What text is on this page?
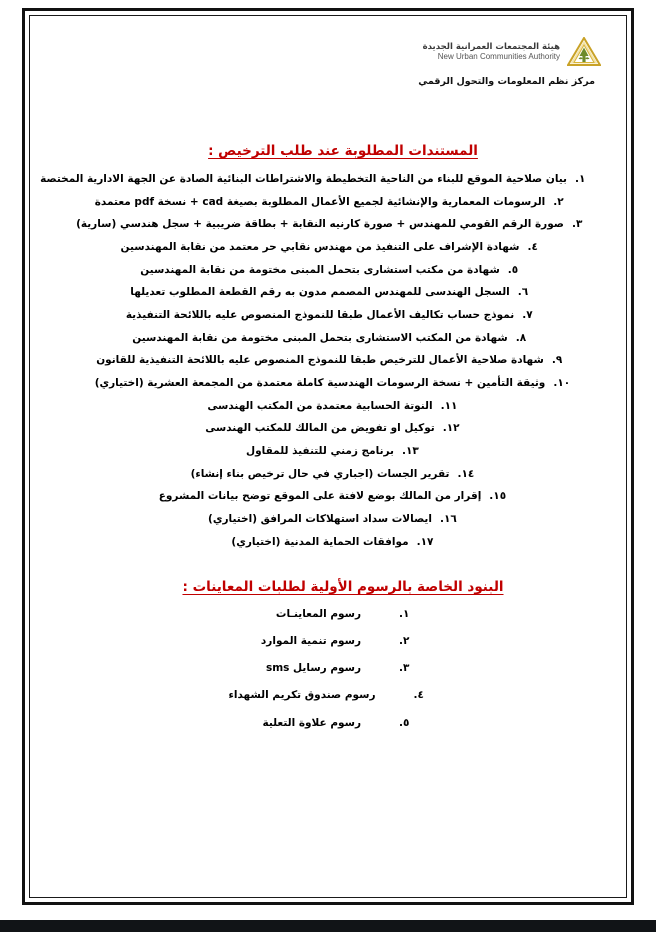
هيئة المجتمعات العمرانية الجديدة
New Urban Communities Authority
مركز نظم المعلومات والتحول الرقمي
المستندات المطلوبة عند طلب الترخيص :
١.
بيان صلاحية الموقع للبناء من الناحية التخطيطة والاشتراطات البنائية الصادة عن الجهة الادارية المختصة
٢.
الرسومات المعمارية والإنشائية لجميع الأعمال المطلوبة بصيغة cad + نسخة pdf معتمدة
٣.
صورة الرقم القومي للمهندس + صورة كارنيه النقابة + بطاقة ضريبية + سجل هندسي (سارية)
٤.
شهادة الإشراف على التنفيذ من مهندس نقابي حر معتمد من نقابة المهندسين
٥.
شهادة من مكتب استشارى بتحمل المبنى مختومة من نقابة المهندسين
٦.
السجل الهندسى للمهندس المصمم مدون به رقم القطعة المطلوب تعديلها
٧.
نموذج حساب تكاليف الأعمال طبقا للنموذج المنصوص عليه باللائحة التنفيذية
٨.
شهادة من المكتب الاستشارى بتحمل المبنى مختومة من نقابة المهندسين
٩.
شهادة صلاحية الأعمال للترخيص طبقا للنموذج المنصوص عليه باللائحة التنفيذية للقانون
١٠.
وثيقة التأمين + نسخة الرسومات الهندسية كاملة معتمدة من المجمعة العشرية (اختياري)
١١.
النوتة الحسابية معتمدة من المكتب الهندسى
١٢.
توكيل او تفويض من المالك للمكتب الهندسى
١٣.
برنامج زمني للتنفيذ للمقاول
١٤.
تقرير الجسات (اجباري في حال ترخيص بناء إنشاء)
١٥.
إقرار من المالك بوضع لافتة على الموقع توضح بيانات المشروع
١٦.
ايصالات سداد استهلاكات المرافق (اختياري)
١٧.
موافقات الحماية المدنية (اختياري)
البنود الخاصة بالرسوم الأولية لطلبات المعاينات :
١.
رسوم المعاينـات
٢.
رسوم تنمية الموارد
٣.
رسوم رسايل sms
٤.
رسوم صندوق تكريم الشهداء
٥.
رسوم علاوة التعلية
